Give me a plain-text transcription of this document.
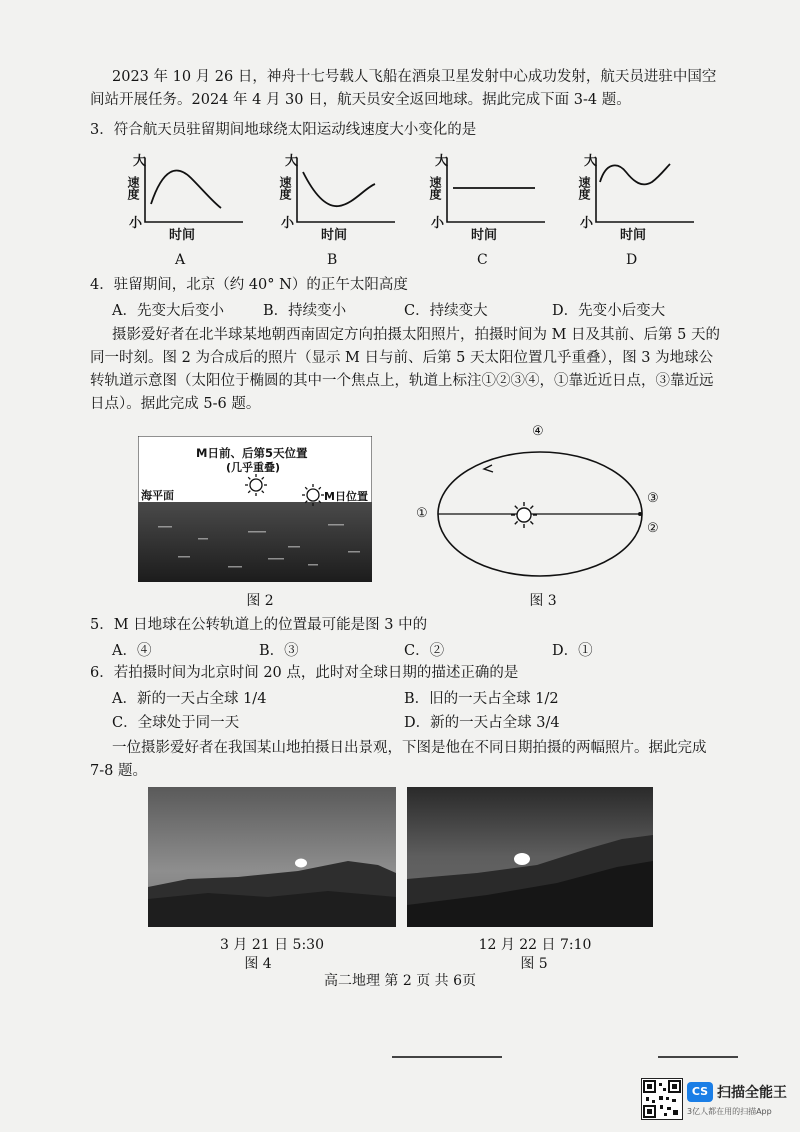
2023 年 10 月 26 日，神舟十七号载人飞船在酒泉卫星发射中心成功发射，航天员进驻中国空
间站开展任务。2024 年 4 月 30 日，航天员安全返回地球。据此完成下面 3-4 题。
3．符合航天员驻留期间地球绕太阳运动线速度大小变化的是
大
小
速度
时间
A
大
小
速度
时间
B
大
小
速度
时间
C
大
小
速度
时间
D
4．驻留期间，北京（约 40° N）的正午太阳高度
A．先变大后变小	B．持续变小	C．持续变大	D．先变小后变大
摄影爱好者在北半球某地朝西南固定方向拍摄太阳照片，拍摄时间为 M 日及其前、后第 5 天的同一时刻。图 2 为合成后的照片（显示 M 日与前、后第 5 天太阳位置几乎重叠），图 3 为地球公转轨道示意图（太阳位于椭圆的其中一个焦点上，轨道上标注①②③④，①靠近近日点，③靠近远日点）。据此完成 5-6 题。
M日前、后第5天位置
(几乎重叠)
海平面	M日位置
图 2
①
②
③
④
图 3
5．M 日地球在公转轨道上的位置最可能是图 3 中的
A．④	B．③	C．②	D．①
6．若拍摄时间为北京时间 20 点，此时对全球日期的描述正确的是
A．新的一天占全球 1/4	B．旧的一天占全球 1/2
C．全球处于同一天	D．新的一天占全球 3/4
一位摄影爱好者在我国某山地拍摄日出景观，下图是他在不同日期拍摄的两幅照片。据此完成
7-8 题。
3 月 21 日 5:30
图 4
12 月 22 日 7:10
图 5
高二地理 第 2 页 共 6页
CS 扫描全能王
3亿人都在用的扫描App
